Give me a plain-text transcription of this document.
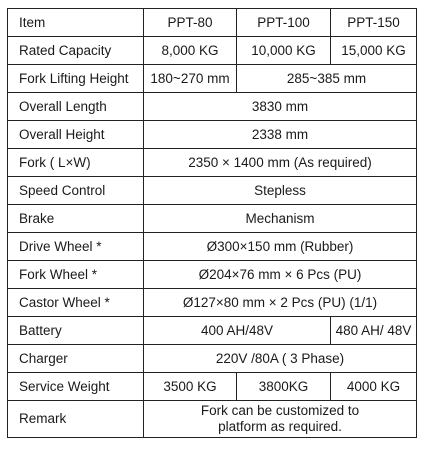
Item	PPT-80	PPT-100	PPT-150
Rated Capacity	8,000 KG	10,000 KG	15,000 KG
Fork Lifting Height	180~270 mm	285~385 mm	
Overall Length	3830 mm		
Overall Height	2338 mm		
Fork ( L×W)	2350 × 1400 mm (As required)		
Speed Control	Stepless		
Brake	Mechanism		
Drive Wheel *	Ø300×150 mm (Rubber)		
Fork Wheel *	Ø204×76 mm × 6 Pcs (PU)		
Castor Wheel *	Ø127×80 mm × 2 Pcs (PU) (1/1)		
Battery	400 AH/48V		480 AH/ 48V
Charger	220V /80A ( 3 Phase)		
Service Weight	3500 KG	3800KG	4000 KG
Remark	Fork can be customized to
platform as required.		
